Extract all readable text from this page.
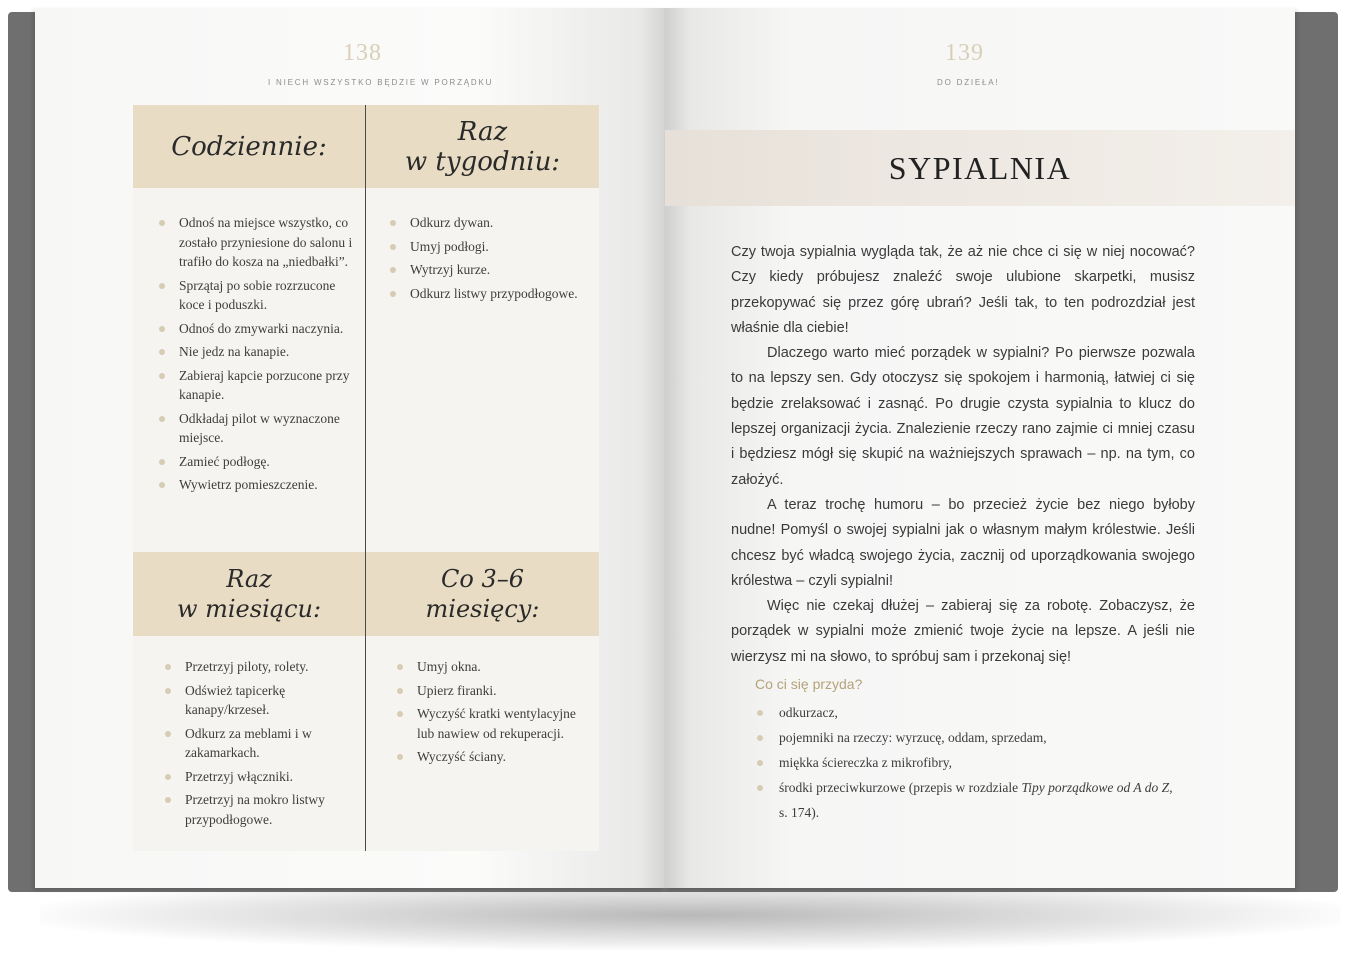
138
I NIECH WSZYSTKO BĘDZIE W PORZĄDKU
Codziennie:	Raz
w tygodniu:
Raz
w miesiącu:
Co 3–6
miesięcy:
Odnoś na miejsce wszystko, co zostało przyniesione do salonu i trafiło do kosza na „niedbałki”.
Sprzątaj po sobie rozrzucone koce i poduszki.
Odnoś do zmywarki naczynia.
Nie jedz na kanapie.
Zabieraj kapcie porzucone przy kanapie.
Odkładaj pilot w wyznaczone miejsce.
Zamieć podłogę.
Wywietrz pomieszczenie.
Odkurz dywan.
Umyj podłogi.
Wytrzyj kurze.
Odkurz listwy przypodłogowe.
Przetrzyj piloty, rolety.
Odśwież tapicerkę kanapy/krzeseł.
Odkurz za meblami i w zakamarkach.
Przetrzyj włączniki.
Przetrzyj na mokro listwy przypodłogowe.
Umyj okna.
Upierz firanki.
Wyczyść kratki wentylacyjne lub nawiew od rekuperacji.
Wyczyść ściany.
139
DO DZIEŁA!
SYPIALNIA

Czy twoja sypialnia wygląda tak, że aż nie chce ci się w niej nocować? Czy kiedy próbujesz znaleźć swoje ulubione skarpetki, musisz przekopywać się przez górę ubrań? Jeśli tak, to ten podrozdział jest właśnie dla ciebie!

Dlaczego warto mieć porządek w sypialni? Po pierwsze pozwala to na lepszy sen. Gdy otoczysz się spokojem i harmonią, łatwiej ci się będzie zrelaksować i zasnąć. Po drugie czysta sypialnia to klucz do lepszej organizacji życia. Znalezienie rzeczy rano zajmie ci mniej czasu i będziesz mógł się skupić na ważniejszych sprawach – np. na tym, co założyć.

A teraz trochę humoru – bo przecież życie bez niego byłoby nudne! Pomyśl o swojej sypialni jak o własnym małym królestwie. Jeśli chcesz być władcą swojego życia, zacznij od uporządkowania swojego królestwa – czyli sypialni!

Więc nie czekaj dłużej – zabieraj się za robotę. Zobaczysz, że porządek w sypialni może zmienić twoje życie na lepsze. A jeśli nie wierzysz mi na słowo, to spróbuj sam i przekonaj się!

Co ci się przyda?
odkurzacz,
pojemniki na rzeczy: wyrzucę, oddam, sprzedam,
miękka ściereczka z mikrofibry,
środki przeciwkurzowe (przepis w rozdziale Tipy porządkowe od A do Z, s. 174).
